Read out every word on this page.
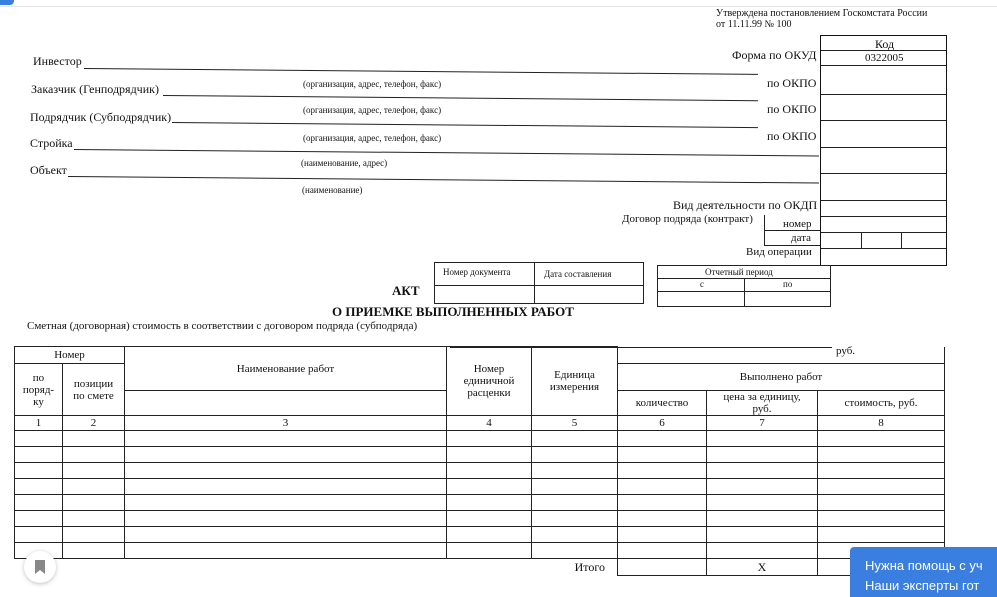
Утверждена постановлением Госкомстата России
от 11.11.99 № 100
Код
0322005
Форма по ОКУД
по ОКПО
по ОКПО
по ОКПО
Вид деятельности по ОКДП
Договор подряда (контракт)	номер
дата
Вид операции
Инвестор
(организация, адрес, телефон, факс)
Заказчик (Генподрядчик)
(организация, адрес, телефон, факс)
Подрядчик (Субподрядчик)
(организация, адрес, телефон, факс)
Стройка
(наименование, адрес)
Объект
(наименование)
Номер документа	Дата составления	Отчетный период
с	по
АКТ
О ПРИЕМКЕ ВЫПОЛНЕННЫХ РАБОТ
Сметная (договорная) стоимость в соответствии с договором подряда (субподряда)
руб.
Номер		Наименование работ	Номер единичной расценки	Единица измерения			
по поряд-ку	позиции по смете				Выполнено работ		
					количество	цена за единицу, руб.	стоимость, руб.
1	2	3	4	5	6	7	8

Итого						X		Нужна помощь с уч
Наши эксперты гот
